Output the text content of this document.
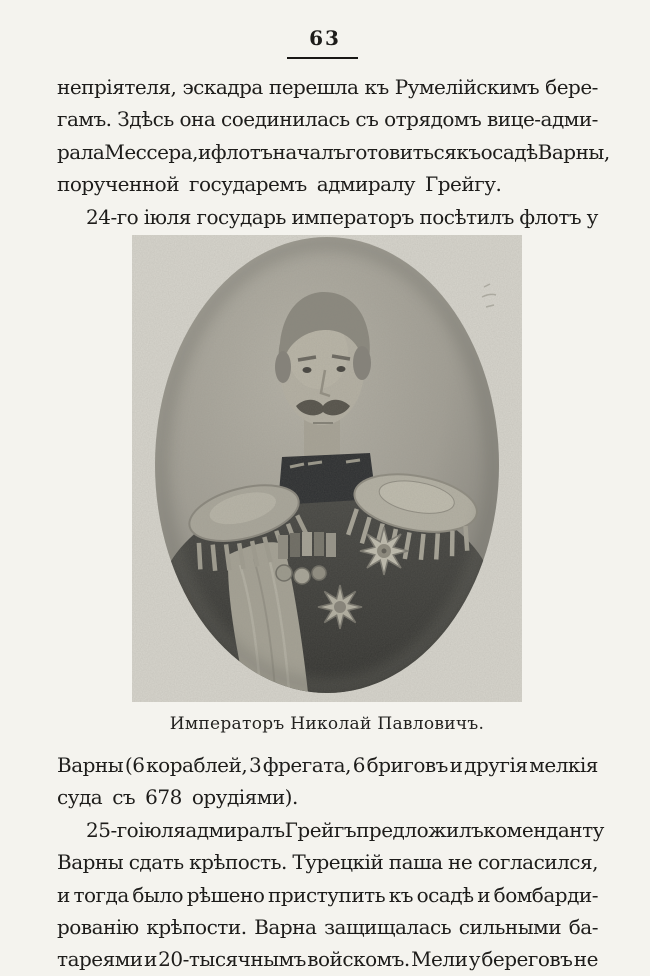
63
непріятеля, эскадра перешла къ Румелійскимъ бере-
гамъ. Здѣсь она соединилась съ отрядомъ вице-адми-
рала Мессера, и флотъ началъ готовиться къ осадѣ Варны,
порученной государемъ адмиралу Грейгу.
24-го іюля государь императоръ посѣтилъ флотъ у
Императоръ Николай Павловичъ.
Варны (6 кораблей, 3 фрегата, 6 бриговъ и другія мелкія
суда съ 678 орудіями).
25-го іюля адмиралъ Грейгъ предложилъ коменданту
Варны сдать крѣпость. Турецкій паша не согласился,
и тогда было рѣшено приступить къ осадѣ и бомбарди-
рованію крѣпости. Варна защищалась сильными ба-
тареями и 20-тысячнымъ войскомъ. Мели у береговъ не
